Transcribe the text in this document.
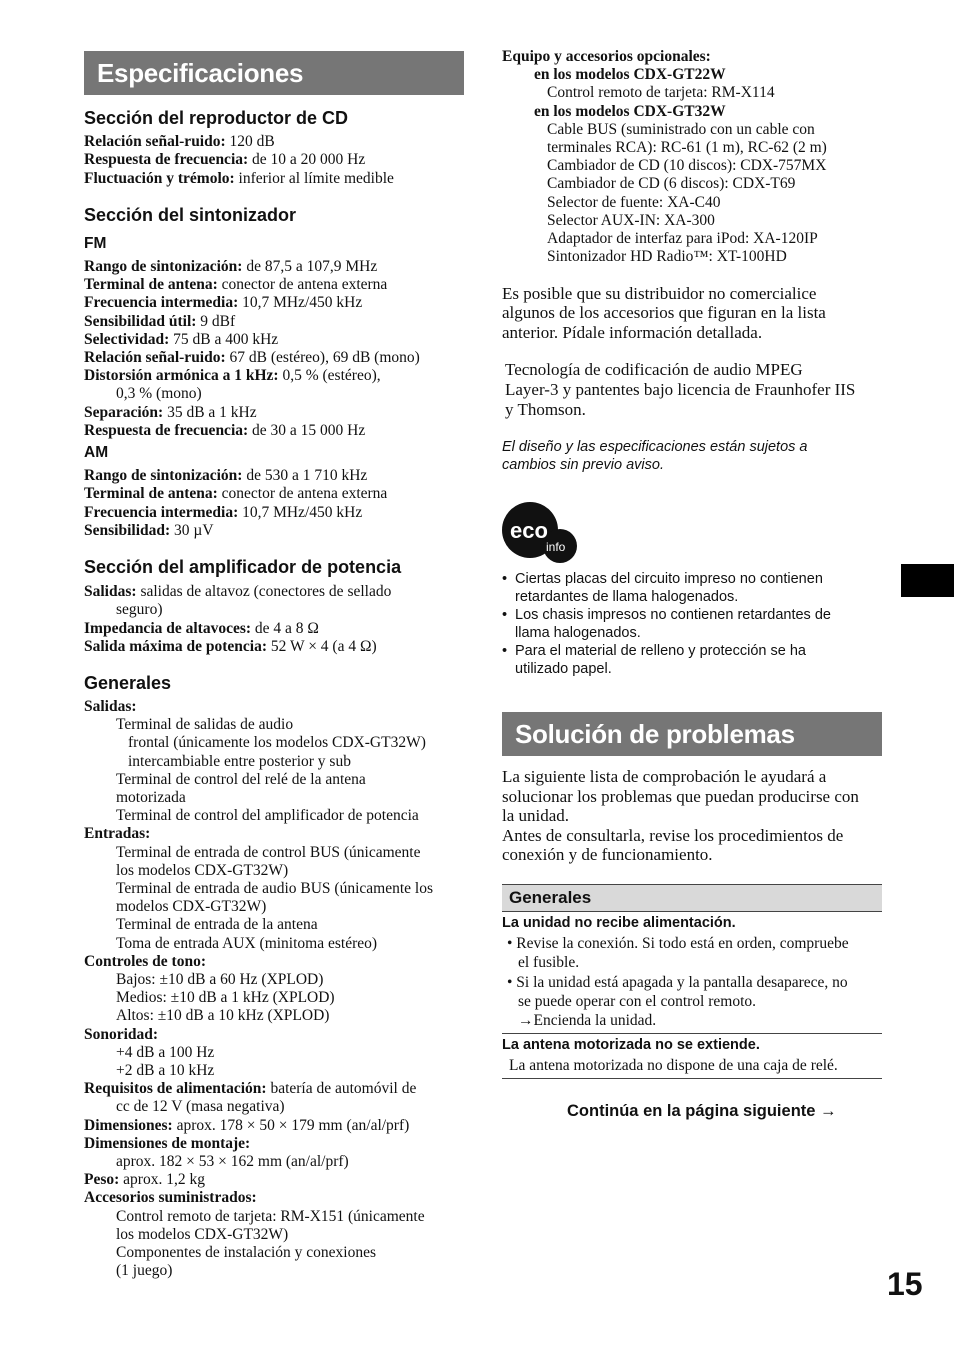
Especificaciones
Sección del reproductor de CD
Relación señal-ruido: 120 dB
Respuesta de frecuencia: de 10 a 20 000 Hz
Fluctuación y trémolo: inferior al límite medible
Sección del sintonizador
FM
Rango de sintonización: de 87,5 a 107,9 MHz
Terminal de antena: conector de antena externa
Frecuencia intermedia: 10,7 MHz/450 kHz
Sensibilidad útil: 9 dBf
Selectividad: 75 dB a 400 kHz
Relación señal-ruido: 67 dB (estéreo), 69 dB (mono)
Distorsión armónica a 1 kHz: 0,5 % (estéreo),
0,3 % (mono)
Separación: 35 dB a 1 kHz
Respuesta de frecuencia: de 30 a 15 000 Hz
AM
Rango de sintonización: de 530 a 1 710 kHz
Terminal de antena: conector de antena externa
Frecuencia intermedia: 10,7 MHz/450 kHz
Sensibilidad: 30 µV
Sección del amplificador de potencia
Salidas: salidas de altavoz (conectores de sellado
seguro)
Impedancia de altavoces: de 4 a 8 Ω
Salida máxima de potencia: 52 W × 4 (a 4 Ω)
Generales
Salidas:
Terminal de salidas de audio
frontal (únicamente los modelos CDX-GT32W)
intercambiable entre posterior y sub
Terminal de control del relé de la antena
motorizada
Terminal de control del amplificador de potencia
Entradas:
Terminal de entrada de control BUS (únicamente
los modelos CDX-GT32W)
Terminal de entrada de audio BUS (únicamente los
modelos CDX-GT32W)
Terminal de entrada de la antena
Toma de entrada AUX (minitoma estéreo)
Controles de tono:
Bajos: ±10 dB a 60 Hz (XPLOD)
Medios: ±10 dB a 1 kHz (XPLOD)
Altos: ±10 dB a 10 kHz (XPLOD)
Sonoridad:
+4 dB a 100 Hz
+2 dB a 10 kHz
Requisitos de alimentación: batería de automóvil de
cc de 12 V (masa negativa)
Dimensiones: aprox. 178 × 50 × 179 mm (an/al/prf)
Dimensiones de montaje:
aprox. 182 × 53 × 162 mm (an/al/prf)
Peso: aprox. 1,2 kg
Accesorios suministrados:
Control remoto de tarjeta: RM-X151 (únicamente
los modelos CDX-GT32W)
Componentes de instalación y conexiones
(1 juego)
Equipo y accesorios opcionales:
en los modelos CDX-GT22W
Control remoto de tarjeta: RM-X114
en los modelos CDX-GT32W
Cable BUS (suministrado con un cable con
terminales RCA): RC-61 (1 m), RC-62 (2 m)
Cambiador de CD (10 discos): CDX-757MX
Cambiador de CD (6 discos): CDX-T69
Selector de fuente: XA-C40
Selector AUX-IN: XA-300
Adaptador de interfaz para iPod: XA-120IP
Sintonizador HD Radio™: XT-100HD
Es posible que su distribuidor no comercialice
algunos de los accesorios que figuran en la lista
anterior. Pídale información detallada.
Tecnología de codificación de audio MPEG
Layer-3 y pantentes bajo licencia de Fraunhofer IIS
y Thomson.
El diseño y las especificaciones están sujetos a
cambios sin previo aviso.
eco
info
• Ciertas placas del circuito impreso no contienen
retardantes de llama halogenados.
• Los chasis impresos no contienen retardantes de
llama halogenados.
• Para el material de relleno y protección se ha
utilizado papel.
Solución de problemas
La siguiente lista de comprobación le ayudará a
solucionar los problemas que puedan producirse con
la unidad.
Antes de consultarla, revise los procedimientos de
conexión y de funcionamiento.
Generales
La unidad no recibe alimentación.
• Revise la conexión. Si todo está en orden, compruebe
el fusible.
• Si la unidad está apagada y la pantalla desaparece, no
se puede operar con el control remoto.
→Encienda la unidad.
La antena motorizada no se extiende.
La antena motorizada no dispone de una caja de relé.
Continúa en la página siguiente →
15
